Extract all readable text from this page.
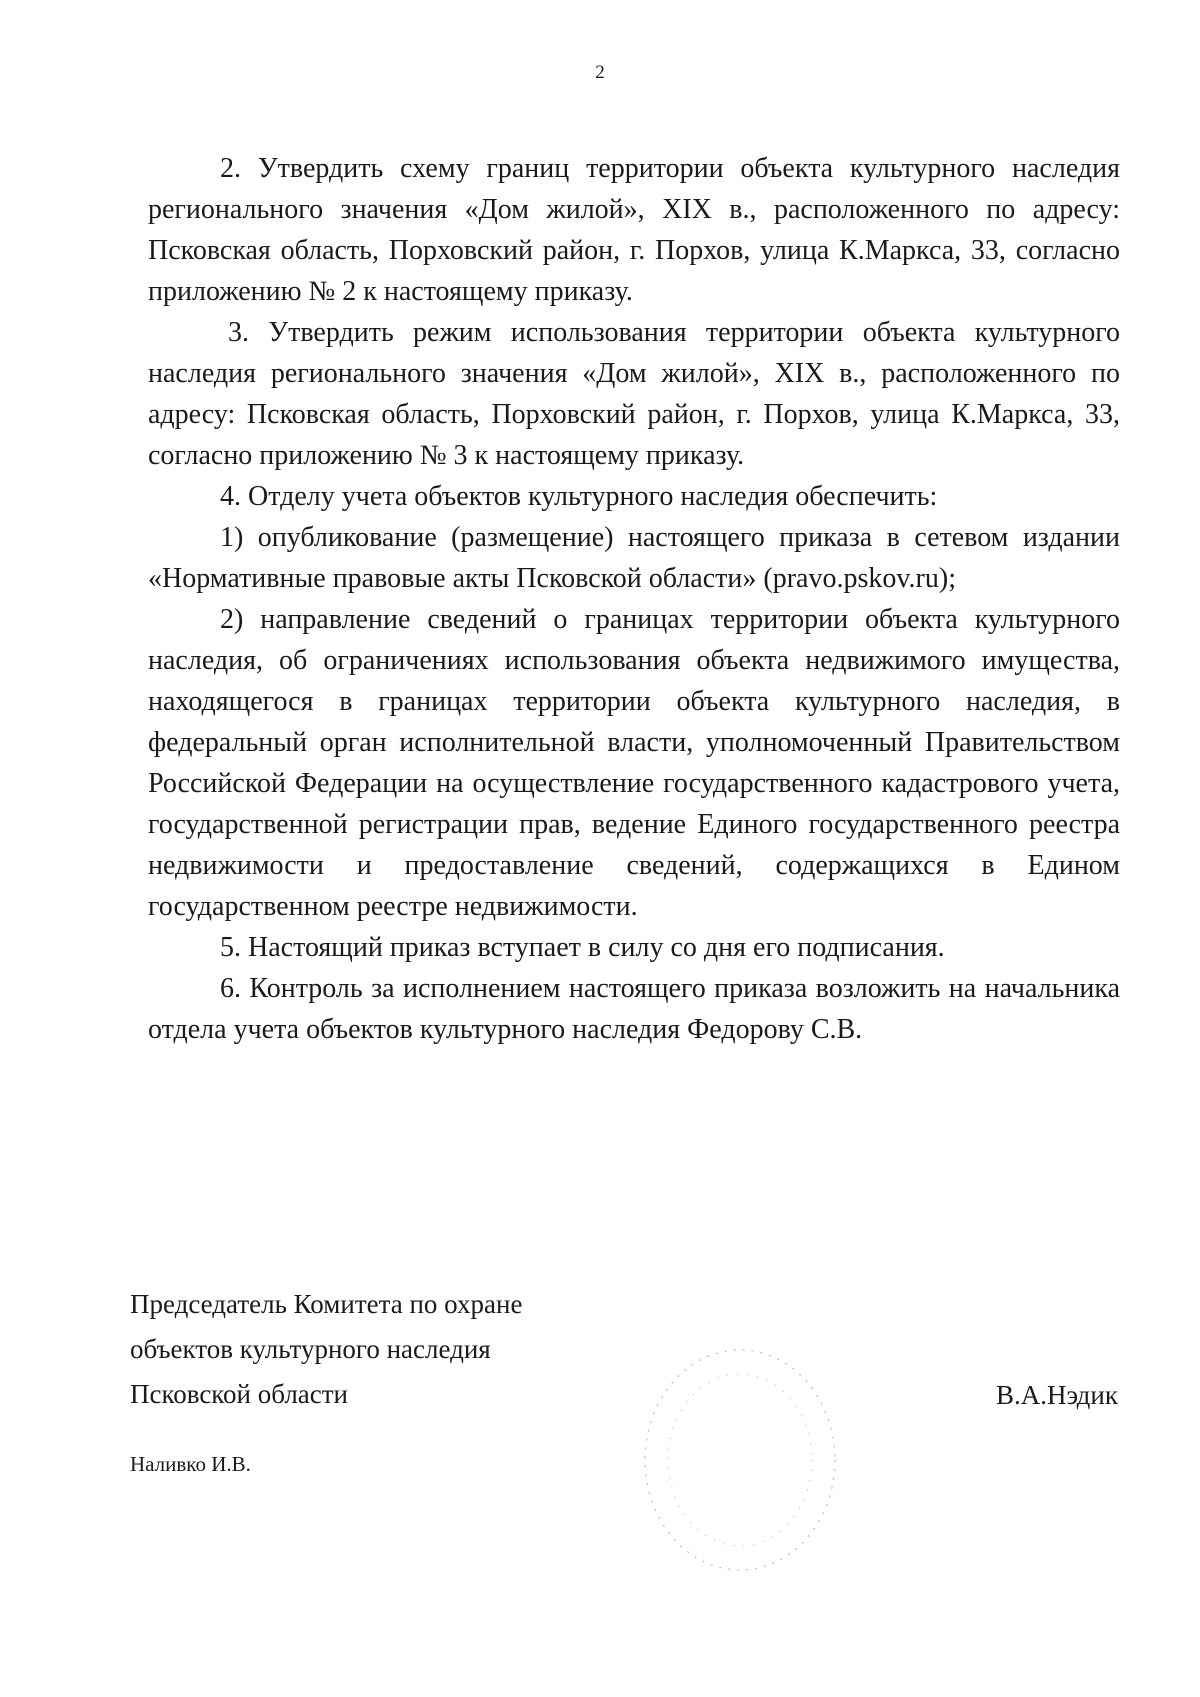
2

2. Утвердить схему границ территории объекта культурного наследия регионального значения «Дом жилой», XIX в., расположенного по адресу: Псковская область, Порховский район, г. Порхов, улица К.Маркса, 33, согласно приложению № 2 к настоящему приказу.

3. Утвердить режим использования территории объекта культурного наследия регионального значения «Дом жилой», XIX в., расположенного по адресу: Псковская область, Порховский район, г. Порхов, улица К.Маркса, 33, согласно приложению № 3 к настоящему приказу.

4. Отделу учета объектов культурного наследия обеспечить:

1) опубликование (размещение) настоящего приказа в сетевом издании «Нормативные правовые акты Псковской области» (pravo.pskov.ru);

2) направление сведений о границах территории объекта культурного наследия, об ограничениях использования объекта недвижимого имущества, находящегося в границах территории объекта культурного наследия, в федеральный орган исполнительной власти, уполномоченный Правительством Российской Федерации на осуществление государственного кадастрового учета, государственной регистрации прав, ведение Единого государственного реестра недвижимости и предоставление сведений, содержащихся в Едином государственном реестре недвижимости.

5. Настоящий приказ вступает в силу со дня его подписания.

6. Контроль за исполнением настоящего приказа возложить на начальника отдела учета объектов культурного наследия Федорову С.В.

Председатель Комитета по охране
объектов культурного наследия
Псковской области	В.А.Нэдик
Наливко И.В.
